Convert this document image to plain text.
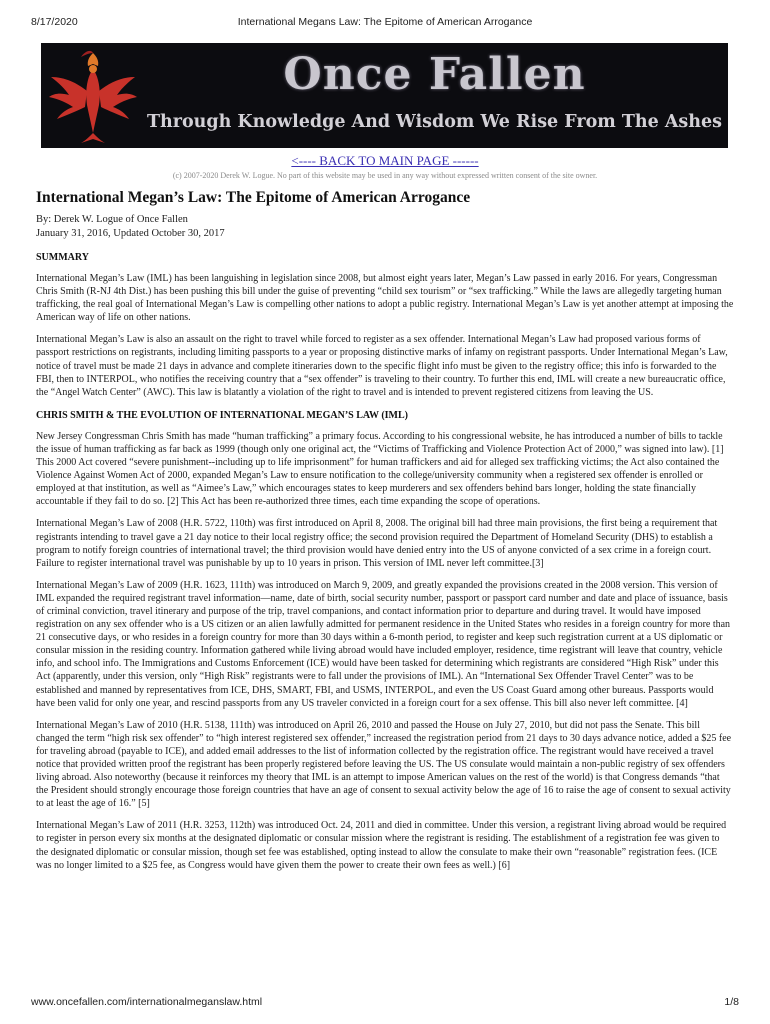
8/17/2020	International Megans Law: The Epitome of American Arrogance
Once Fallen
Through Knowledge And Wisdom We Rise From The Ashes
<---- BACK TO MAIN PAGE ------
(c) 2007-2020 Derek W. Logue. No part of this website may be used in any way without expressed written consent of the site owner.
International Megan’s Law: The Epitome of American Arrogance
By: Derek W. Logue of Once Fallen
January 31, 2016, Updated October 30, 2017
SUMMARY

International Megan’s Law (IML) has been languishing in legislation since 2008, but almost eight years later, Megan’s Law passed in early 2016. For years, Congressman Chris Smith (R-NJ 4th Dist.) has been pushing this bill under the guise of preventing “child sex tourism” or “sex trafficking.” While the laws are allegedly targeting human trafficking, the real goal of International Megan’s Law is compelling other nations to adopt a public registry. International Megan’s Law is yet another attempt at imposing the American way of life on other nations.

International Megan’s Law is also an assault on the right to travel while forced to register as a sex offender. International Megan’s Law had proposed various forms of passport restrictions on registrants, including limiting passports to a year or proposing distinctive marks of infamy on registrant passports. Under International Megan’s Law, notice of travel must be made 21 days in advance and complete itineraries down to the specific flight info must be given to the registry office; this info is forwarded to the FBI, then to INTERPOL, who notifies the receiving country that a “sex offender” is traveling to their country. To further this end, IML will create a new bureaucratic office, the “Angel Watch Center” (AWC). This law is blatantly a violation of the right to travel and is intended to prevent registered citizens from leaving the US.

CHRIS SMITH & THE EVOLUTION OF INTERNATIONAL MEGAN’S LAW (IML)

New Jersey Congressman Chris Smith has made “human trafficking” a primary focus. According to his congressional website, he has introduced a number of bills to tackle the issue of human trafficking as far back as 1999 (though only one original act, the “Victims of Trafficking and Violence Protection Act of 2000,” was signed into law). [1] This 2000 Act covered “severe punishment--including up to life imprisonment” for human traffickers and aid for alleged sex trafficking victims; the Act also contained the Violence Against Women Act of 2000, expanded Megan’s Law to ensure notification to the college/university community when a registered sex offender is enrolled or employed at that institution, as well as “Aimee’s Law,” which encourages states to keep murderers and sex offenders behind bars longer, holding the state financially accountable if they fail to do so. [2] This Act has been re-authorized three times, each time expanding the scope of operations.

International Megan’s Law of 2008 (H.R. 5722, 110th) was first introduced on April 8, 2008. The original bill had three main provisions, the first being a requirement that registrants intending to travel gave a 21 day notice to their local registry office; the second provision required the Department of Homeland Security (DHS) to establish a program to notify foreign countries of international travel; the third provision would have denied entry into the US of anyone convicted of a sex crime in a foreign court. Failure to register international travel was punishable by up to 10 years in prison. This version of IML never left committee.[3]

International Megan’s Law of 2009 (H.R. 1623, 111th) was introduced on March 9, 2009, and greatly expanded the provisions created in the 2008 version. This version of IML expanded the required registrant travel information—name, date of birth, social security number, passport or passport card number and date and place of issuance, basis of criminal conviction, travel itinerary and purpose of the trip, travel companions, and contact information prior to departure and during travel. It would have imposed registration on any sex offender who is a US citizen or an alien lawfully admitted for permanent residence in the United States who resides in a foreign country for more than 21 consecutive days, or who resides in a foreign country for more than 30 days within a 6-month period, to register and keep such registration current at a US diplomatic or consular mission in the residing country. Information gathered while living abroad would have included employer, residence, time registrant will leave that country, vehicle info, and school info. The Immigrations and Customs Enforcement (ICE) would have been tasked for determining which registrants are considered “High Risk” under this Act (apparently, under this version, only “High Risk” registrants were to fall under the provisions of IML). An “International Sex Offender Travel Center” was to be established and manned by representatives from ICE, DHS, SMART, FBI, and USMS, INTERPOL, and even the US Coast Guard among other bureaus. Passports would have been valid for only one year, and rescind passports from any US traveler convicted in a foreign court for a sex offense. This bill also never left committee. [4]

International Megan’s Law of 2010 (H.R. 5138, 111th) was introduced on April 26, 2010 and passed the House on July 27, 2010, but did not pass the Senate. This bill changed the term “high risk sex offender” to “high interest registered sex offender,” increased the registration period from 21 days to 30 days advance notice, added a $25 fee for traveling abroad (payable to ICE), and added email addresses to the list of information collected by the registration office. The registrant would have received a travel notice that provided written proof the registrant has been properly registered before leaving the US. The US consulate would maintain a non-public registry of sex offenders living abroad. Also noteworthy (because it reinforces my theory that IML is an attempt to impose American values on the rest of the world) is that Congress demands “that the President should strongly encourage those foreign countries that have an age of consent to sexual activity below the age of 16 to raise the age of consent to sexual activity to at least the age of 16.” [5]

International Megan’s Law of 2011 (H.R. 3253, 112th) was introduced Oct. 24, 2011 and died in committee. Under this version, a registrant living abroad would be required to register in person every six months at the designated diplomatic or consular mission where the registrant is residing. The establishment of a registration fee was given to the designated diplomatic or consular mission, though set fee was established, opting instead to allow the consulate to make their own “reasonable” registration fees. (ICE was no longer limited to a $25 fee, as Congress would have given them the power to create their own fees as well.) [6]

www.oncefallen.com/internationalmeganslaw.html	1/8
